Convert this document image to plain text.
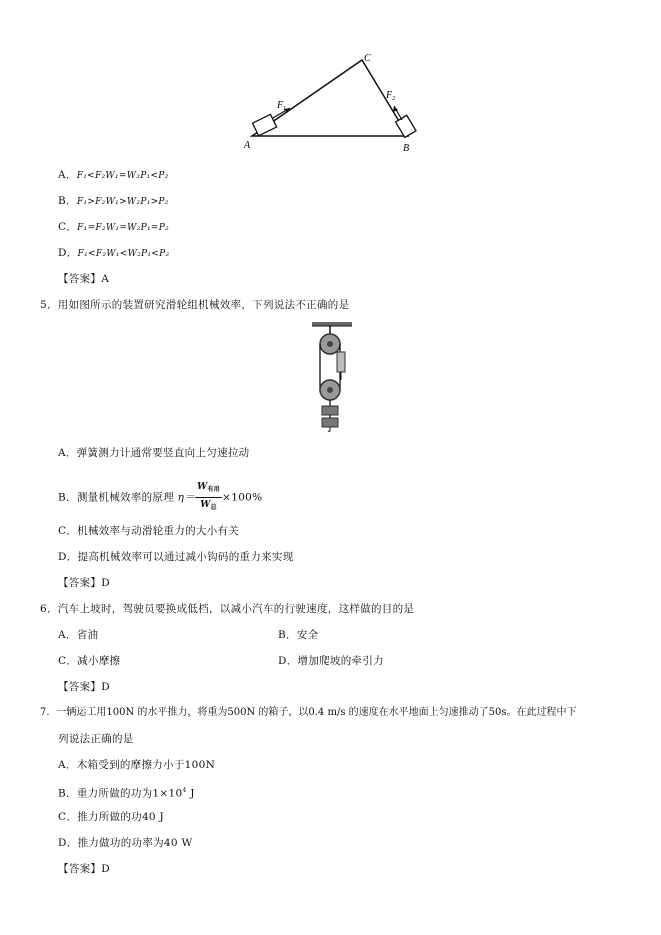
A	B
C
$F_1$
$F_2$
A．F₁<F₂W₁=W₂P₁<P₂
B．F₁>F₂W₁>W₂P₁>P₂
C．F₁=F₂W₁=W₂P₁=P₂
D．F₁<F₂W₁<W₂P₁<P₂
【答案】A
5．用如图所示的装置研究滑轮组机械效率，下列说法不正确的是
A．弹簧测力计通常要竖直向上匀速拉动
B．测量机械效率的原理 $\eta= \frac{W_{有用}}{W_总} \times 100\%$
C．机械效率与动滑轮重力的大小有关
D．提高机械效率可以通过减小钩码的重力来实现
【答案】D
6．汽车上坡时，驾驶员要换成低档，以减小汽车的行驶速度，这样做的目的是
A．省油	B．安全
C．减小摩擦	D．增加爬坡的牵引力
【答案】D
7．一辆运工用100N 的水平推力，将重为500N 的箱子，以0.4 m/s 的速度在水平地面上匀速推动了50s。在此过程中下
列说法正确的是
A．木箱受到的摩擦力小于100N
B．重力所做的功为$1\times 10^4$ J
C．推力所做的功40 J
D．推力做功的功率为40 W
【答案】D
